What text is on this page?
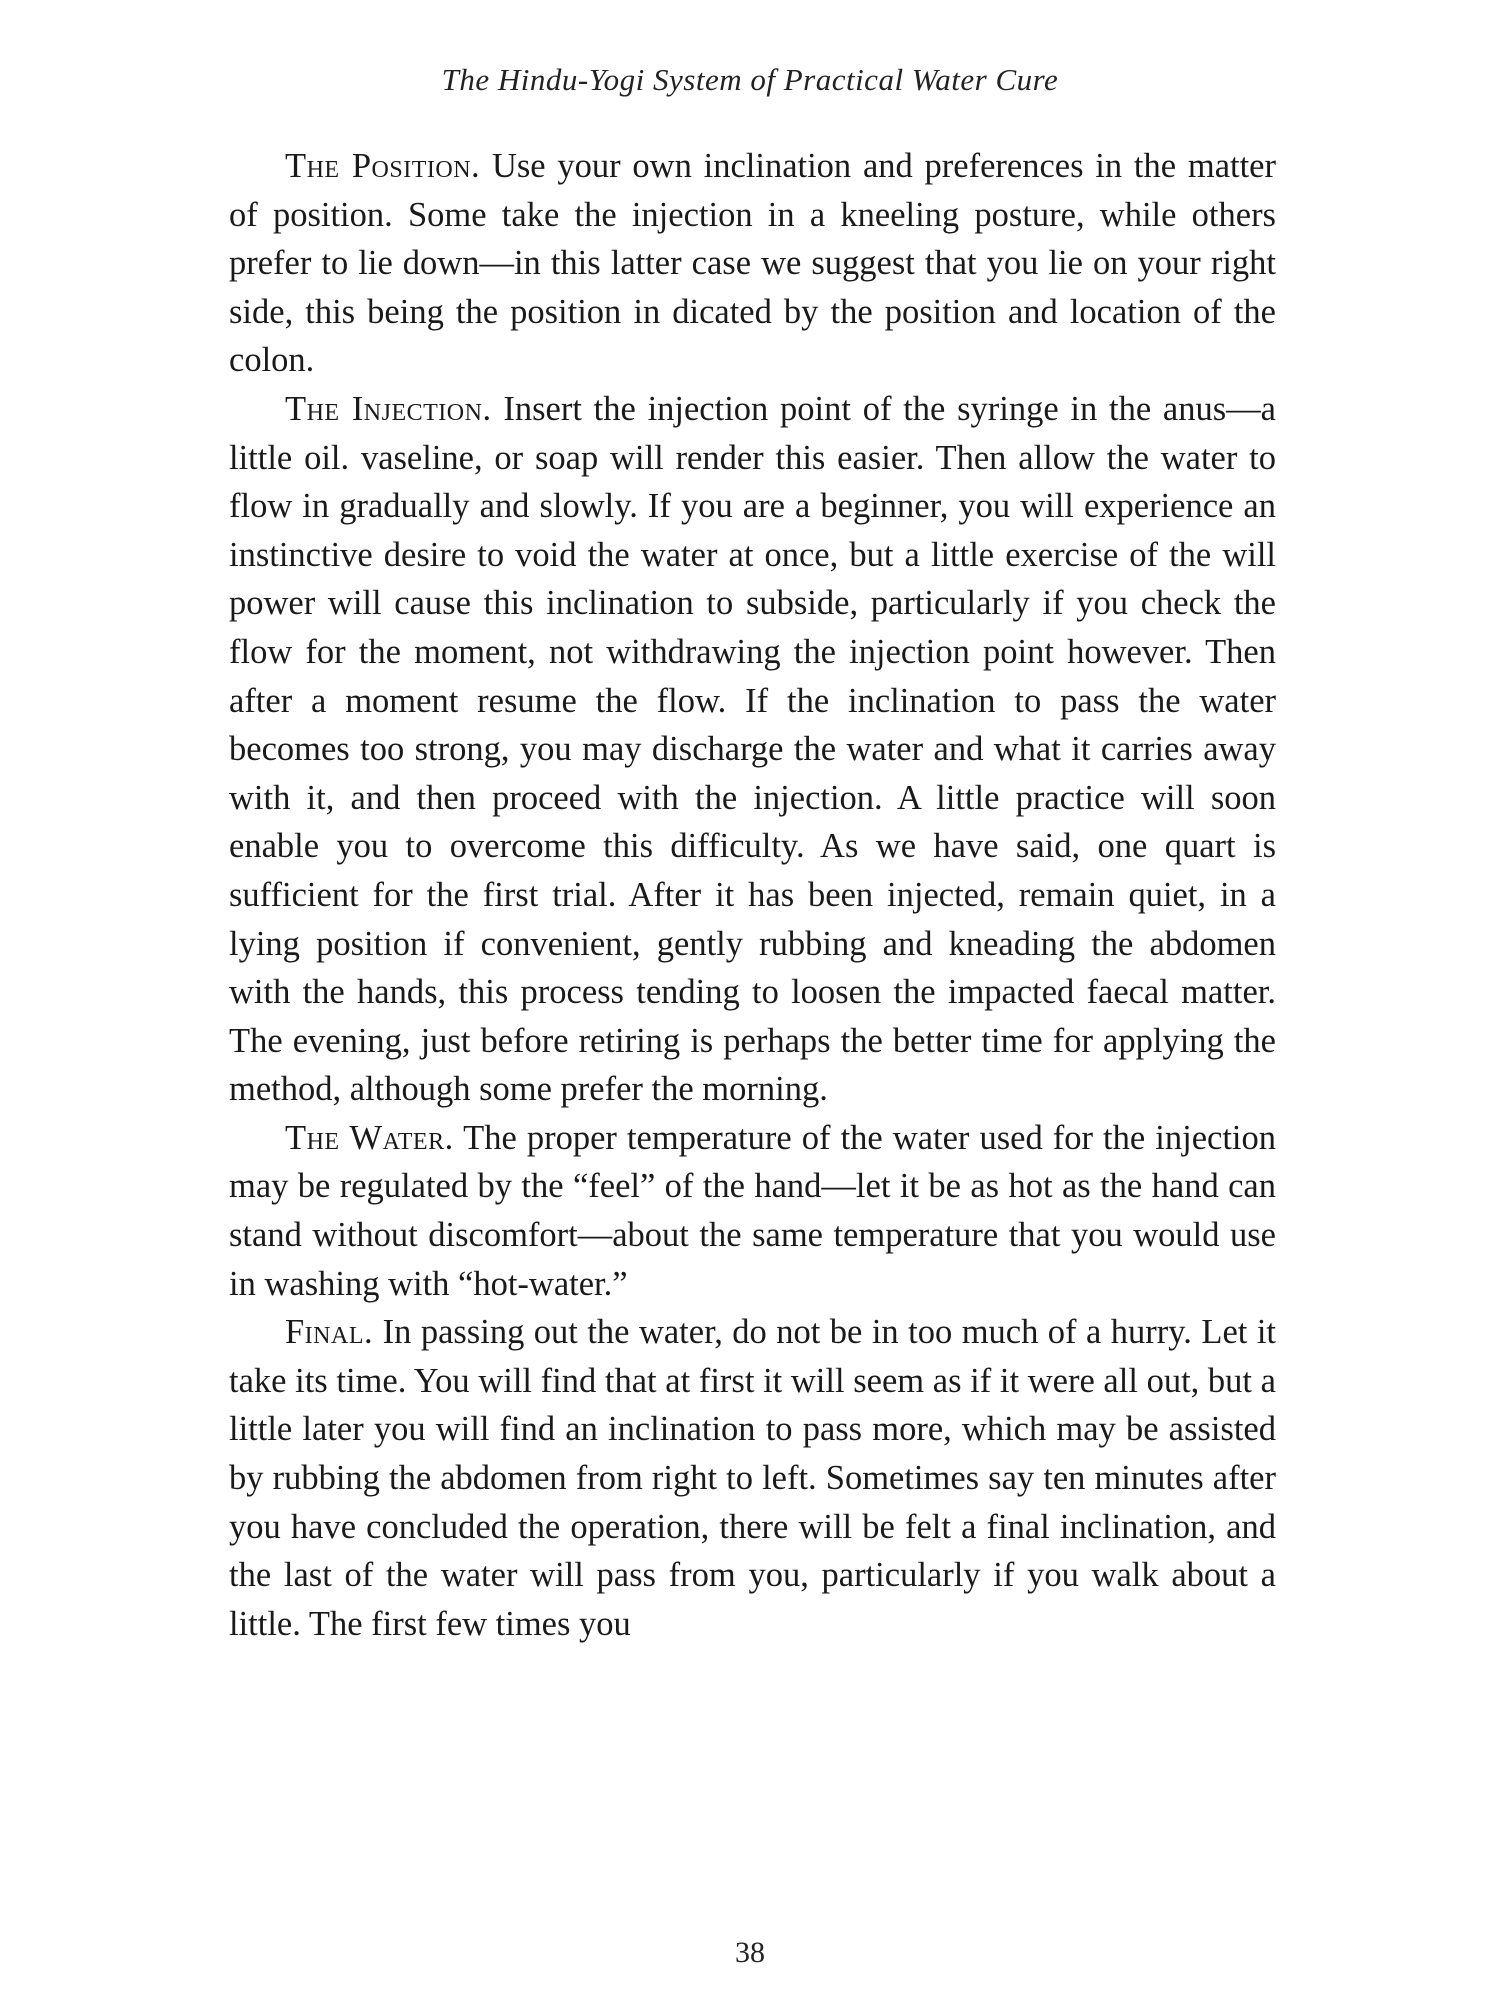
The Hindu-Yogi System of Practical Water Cure

The Position. Use your own inclination and preferences in the matter of position. Some take the injection in a kneeling posture, while others prefer to lie down—in this latter case we suggest that you lie on your right side, this being the position in dicated by the position and location of the colon.

The Injection. Insert the injection point of the syringe in the anus—a little oil. vaseline, or soap will render this easier. Then allow the water to flow in gradually and slowly. If you are a beginner, you will experience an instinctive desire to void the water at once, but a little exercise of the will power will cause this inclination to subside, particularly if you check the flow for the moment, not withdrawing the injection point however. Then after a moment resume the flow. If the inclination to pass the water becomes too strong, you may discharge the water and what it carries away with it, and then proceed with the injection. A little practice will soon enable you to overcome this difficulty. As we have said, one quart is sufficient for the first trial. After it has been injected, remain quiet, in a lying position if convenient, gently rubbing and kneading the abdomen with the hands, this process tending to loosen the impacted faecal matter. The evening, just before retiring is perhaps the better time for applying the method, although some prefer the morning.

The Water. The proper temperature of the water used for the injection may be regulated by the “feel” of the hand—let it be as hot as the hand can stand without discomfort—about the same temperature that you would use in washing with “hot-water.”

Final. In passing out the water, do not be in too much of a hurry. Let it take its time. You will find that at first it will seem as if it were all out, but a little later you will find an inclination to pass more, which may be assisted by rubbing the abdomen from right to left. Sometimes say ten minutes after you have concluded the operation, there will be felt a final inclination, and the last of the water will pass from you, particularly if you walk about a little. The first few times you

38
